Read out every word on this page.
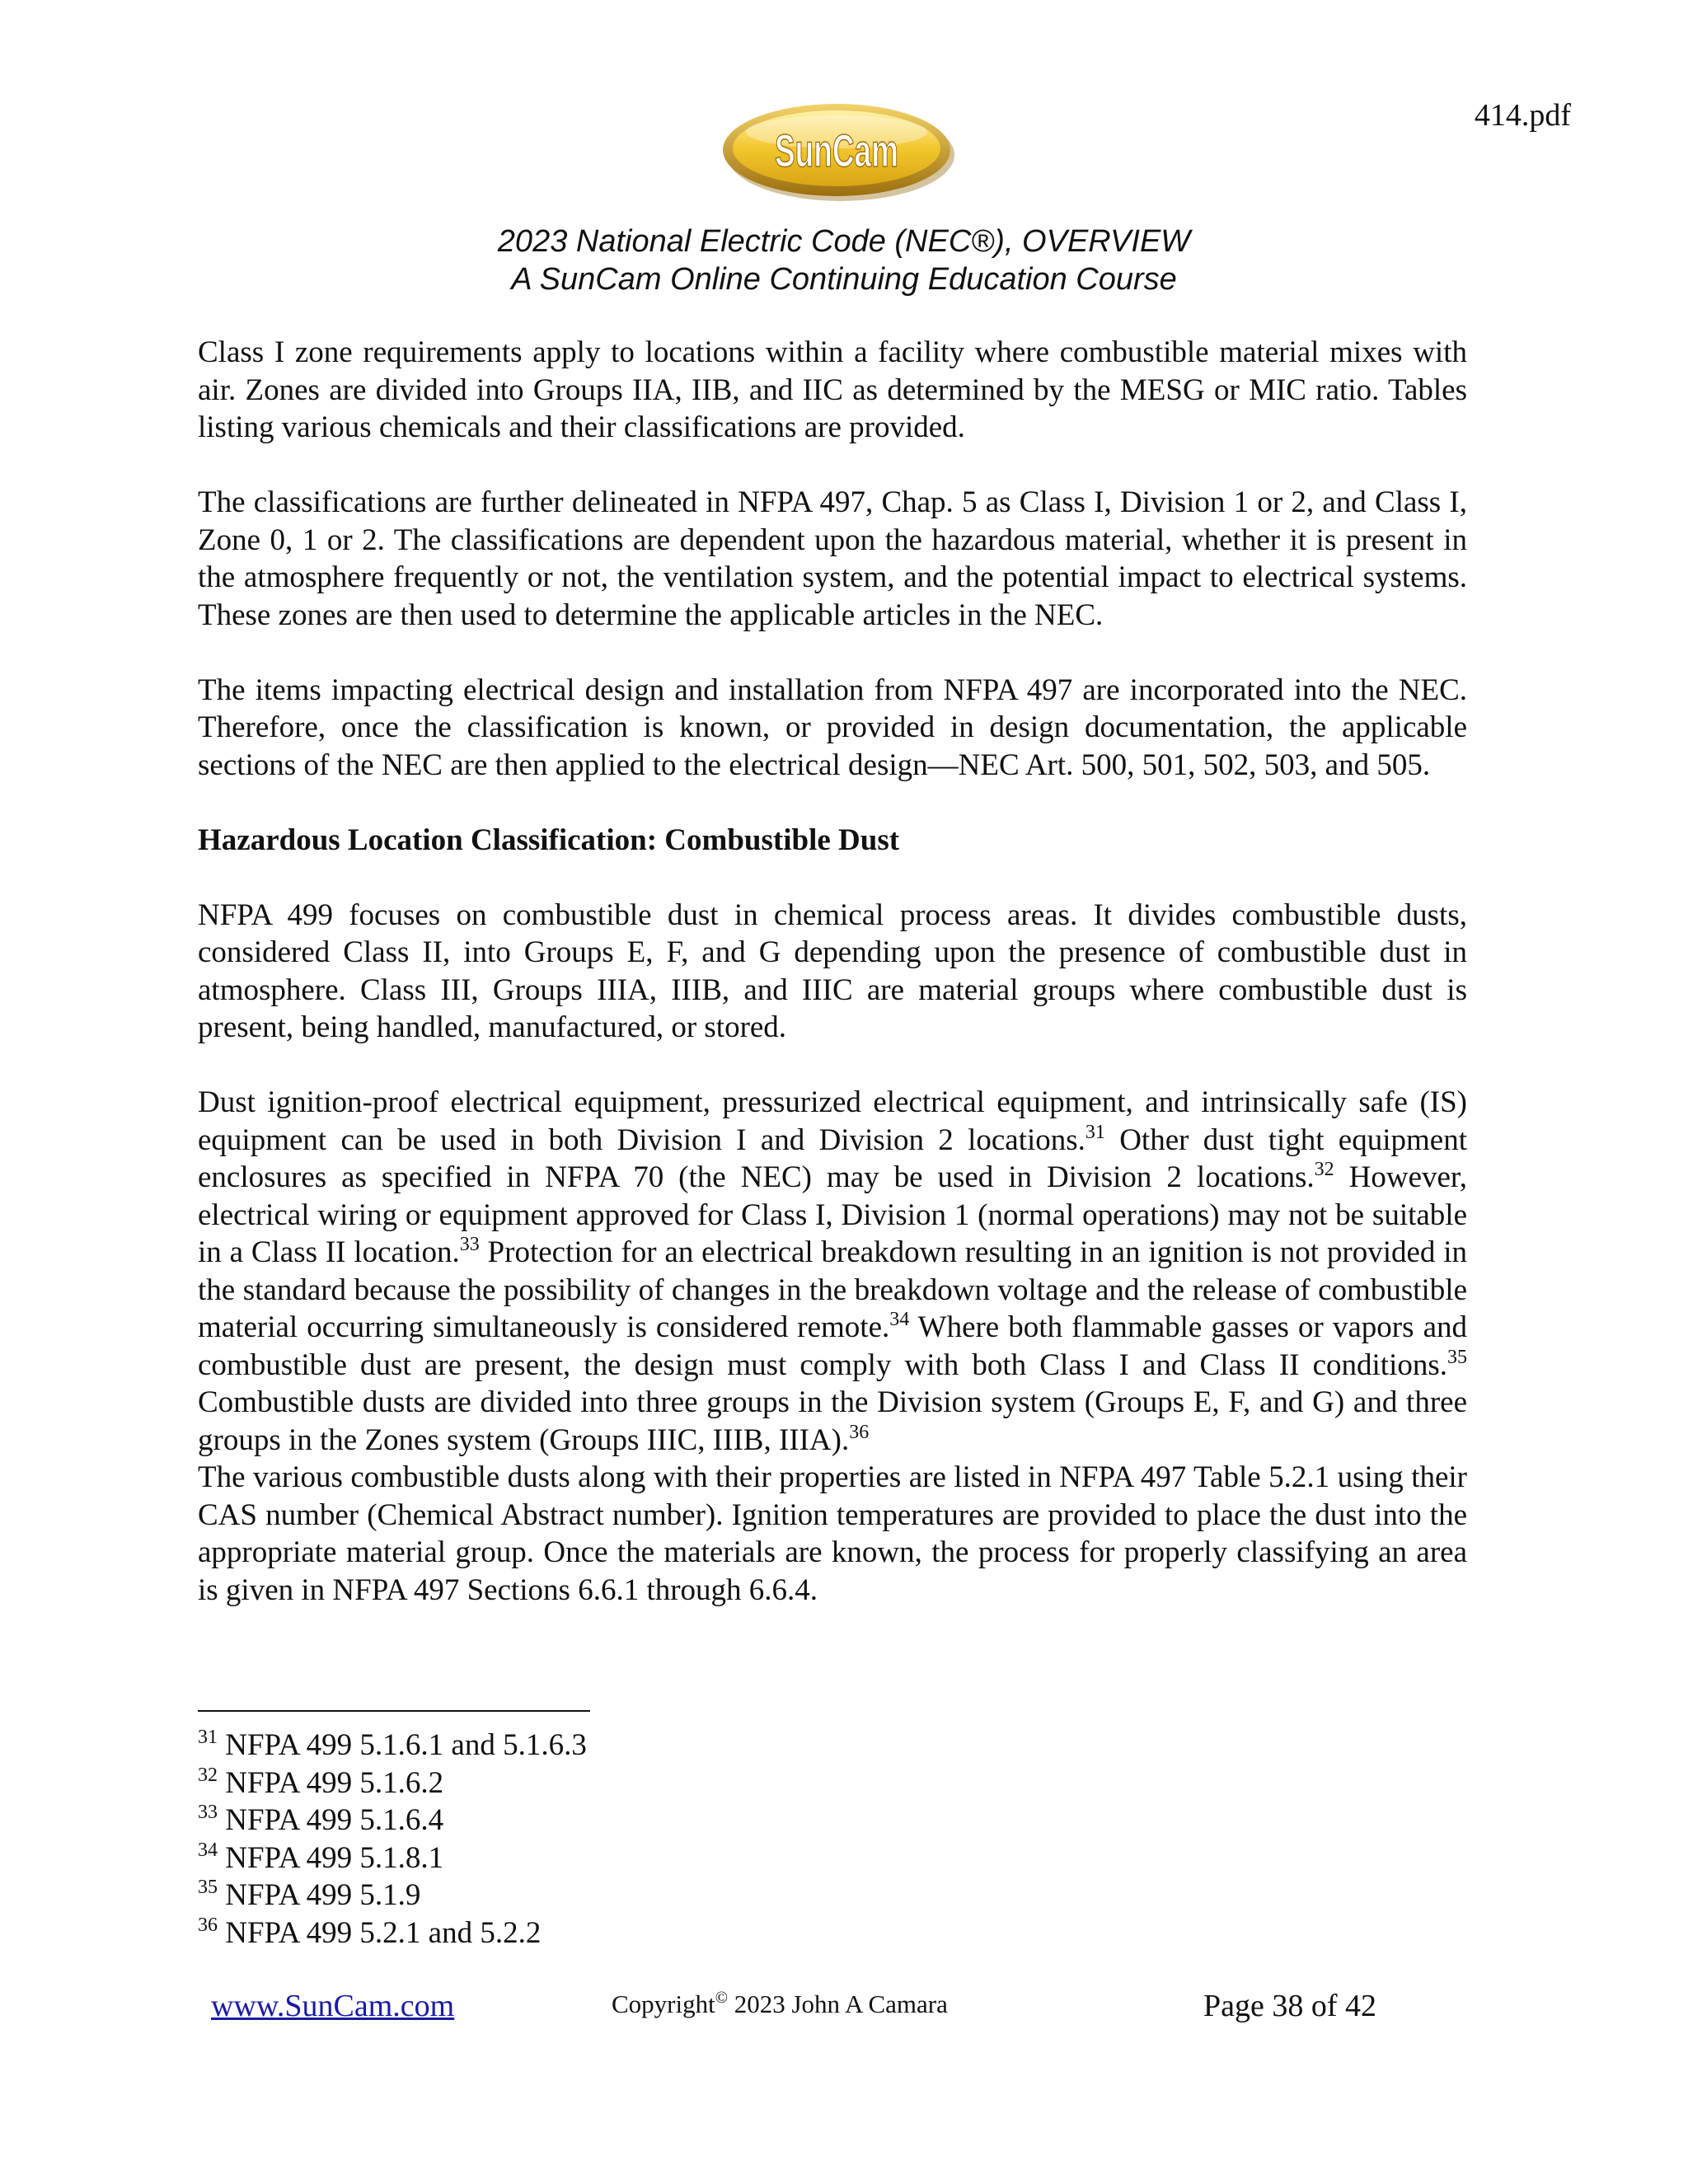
414.pdf
SunCam
2023 National Electric Code (NEC®), OVERVIEW
A SunCam Online Continuing Education Course

Class I zone requirements apply to locations within a facility where combustible material mixes with air. Zones are divided into Groups IIA, IIB, and IIC as determined by the MESG or MIC ratio. Tables listing various chemicals and their classifications are provided.

The classifications are further delineated in NFPA 497, Chap. 5 as Class I, Division 1 or 2, and Class I, Zone 0, 1 or 2. The classifications are dependent upon the hazardous material, whether it is present in the atmosphere frequently or not, the ventilation system, and the potential impact to electrical systems. These zones are then used to determine the applicable articles in the NEC.

The items impacting electrical design and installation from NFPA 497 are incorporated into the NEC. Therefore, once the classification is known, or provided in design documentation, the applicable sections of the NEC are then applied to the electrical design—NEC Art. 500, 501, 502, 503, and 505.

Hazardous Location Classification: Combustible Dust

NFPA 499 focuses on combustible dust in chemical process areas. It divides combustible dusts, considered Class II, into Groups E, F, and G depending upon the presence of combustible dust in atmosphere. Class III, Groups IIIA, IIIB, and IIIC are material groups where combustible dust is present, being handled, manufactured, or stored.

Dust ignition-proof electrical equipment, pressurized electrical equipment, and intrinsically safe (IS) equipment can be used in both Division I and Division 2 locations.$^{31}$ Other dust tight equipment enclosures as specified in NFPA 70 (the NEC) may be used in Division 2 locations.$^{32}$ However, electrical wiring or equipment approved for Class I, Division 1 (normal operations) may not be suitable in a Class II location.$^{33}$ Protection for an electrical breakdown resulting in an ignition is not provided in the standard because the possibility of changes in the breakdown voltage and the release of combustible material occurring simultaneously is considered remote.$^{34}$ Where both flammable gasses or vapors and combustible dust are present, the design must comply with both Class I and Class II conditions.$^{35}$ Combustible dusts are divided into three groups in the Division system (Groups E, F, and G) and three groups in the Zones system (Groups IIIC, IIIB, IIIA).$^{36}$

The various combustible dusts along with their properties are listed in NFPA 497 Table 5.2.1 using their CAS number (Chemical Abstract number). Ignition temperatures are provided to place the dust into the appropriate material group. Once the materials are known, the process for properly classifying an area is given in NFPA 497 Sections 6.6.1 through 6.6.4.

$^{31}$ NFPA 499 5.1.6.1 and 5.1.6.3
$^{32}$ NFPA 499 5.1.6.2
$^{33}$ NFPA 499 5.1.6.4
$^{34}$ NFPA 499 5.1.8.1
$^{35}$ NFPA 499 5.1.9
$^{36}$ NFPA 499 5.2.1 and 5.2.2
www.SunCam.com	Copyright© 2023 John A Camara	Page 38 of 42
